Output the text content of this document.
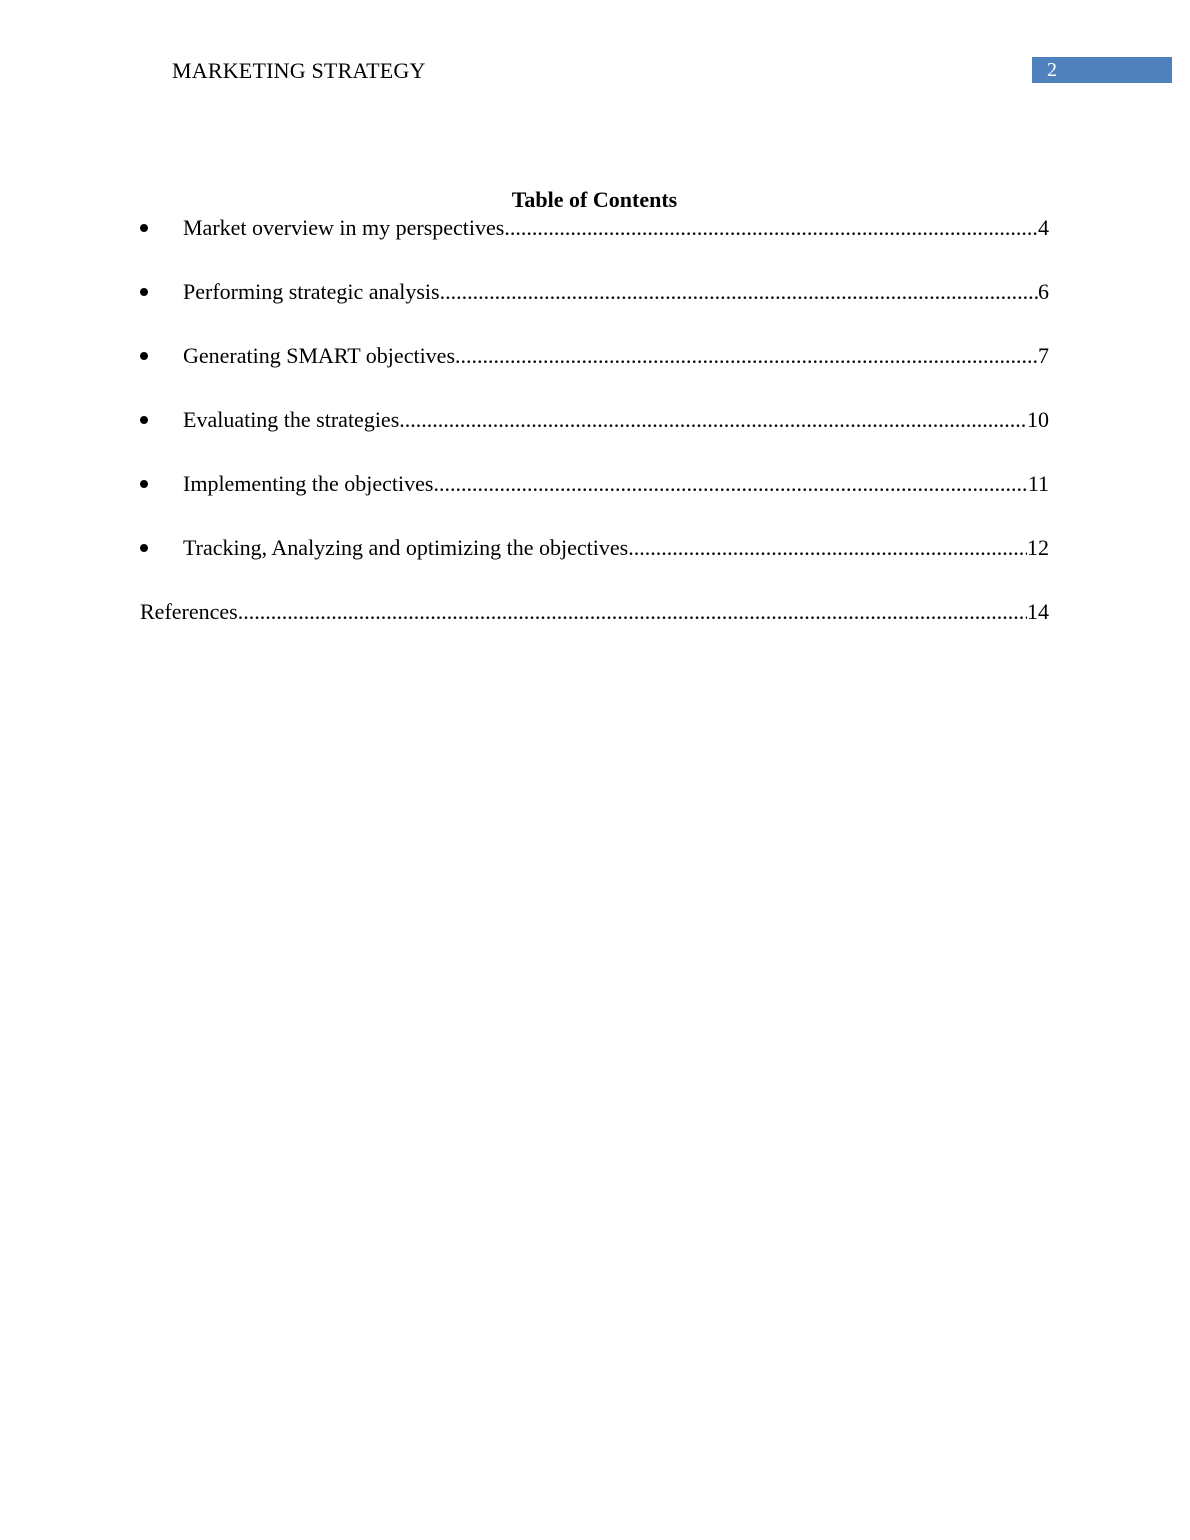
MARKETING STRATEGY	2
Table of Contents
Market overview in my perspectives .....	4
Performing strategic analysis .....	6
Generating SMART objectives .....	7
Evaluating the strategies .....	10
Implementing the objectives .....	11
Tracking, Analyzing and optimizing the objectives .....	12
References .....	14
